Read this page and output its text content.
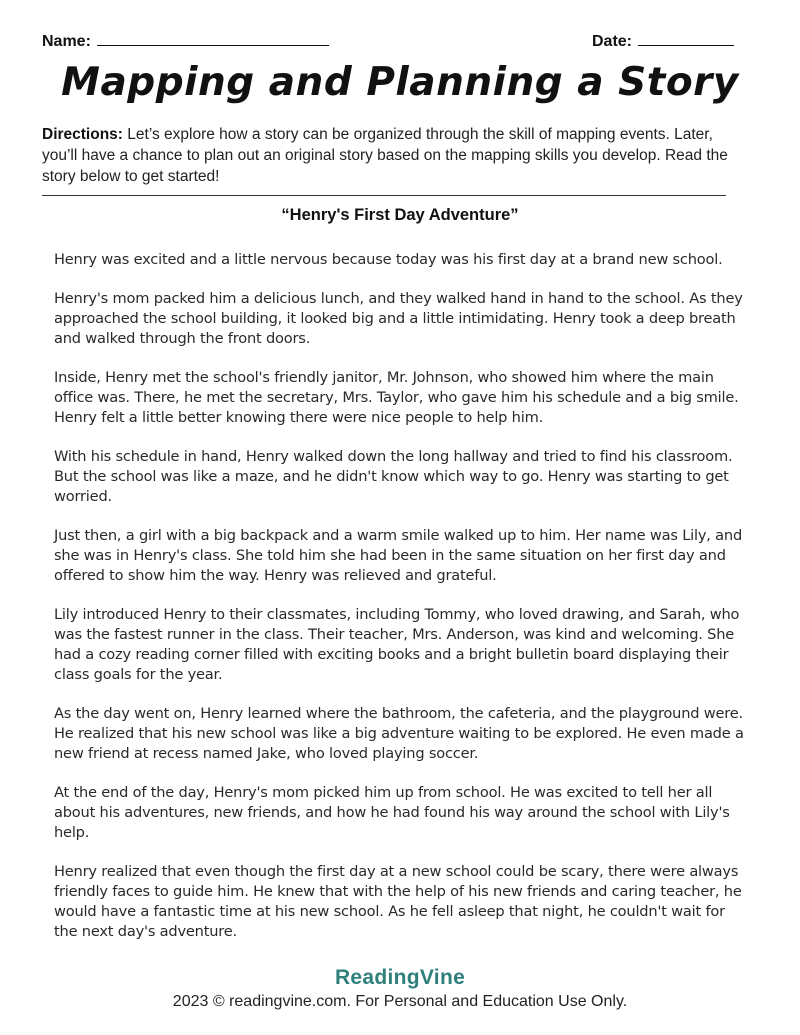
Name:	Date:
Mapping and Planning a Story
Directions: Let’s explore how a story can be organized through the skill of mapping events. Later, you’ll have a chance to plan out an original story based on the mapping skills you develop. Read the story below to get started!
“Henry's First Day Adventure”

Henry was excited and a little nervous because today was his first day at a brand new school.

Henry's mom packed him a delicious lunch, and they walked hand in hand to the school. As they approached the school building, it looked big and a little intimidating. Henry took a deep breath and walked through the front doors.

Inside, Henry met the school's friendly janitor, Mr. Johnson, who showed him where the main office was. There, he met the secretary, Mrs. Taylor, who gave him his schedule and a big smile. Henry felt a little better knowing there were nice people to help him.

With his schedule in hand, Henry walked down the long hallway and tried to find his classroom. But the school was like a maze, and he didn't know which way to go. Henry was starting to get worried.

Just then, a girl with a big backpack and a warm smile walked up to him. Her name was Lily, and she was in Henry's class. She told him she had been in the same situation on her first day and offered to show him the way. Henry was relieved and grateful.

Lily introduced Henry to their classmates, including Tommy, who loved drawing, and Sarah, who was the fastest runner in the class. Their teacher, Mrs. Anderson, was kind and welcoming. She had a cozy reading corner filled with exciting books and a bright bulletin board displaying their class goals for the year.

As the day went on, Henry learned where the bathroom, the cafeteria, and the playground were. He realized that his new school was like a big adventure waiting to be explored. He even made a new friend at recess named Jake, who loved playing soccer.

At the end of the day, Henry's mom picked him up from school. He was excited to tell her all about his adventures, new friends, and how he had found his way around the school with Lily's help.

Henry realized that even though the first day at a new school could be scary, there were always friendly faces to guide him. He knew that with the help of his new friends and caring teacher, he would have a fantastic time at his new school. As he fell asleep that night, he couldn't wait for the next day's adventure.

ReadingVine
2023 © readingvine.com. For Personal and Education Use Only.
